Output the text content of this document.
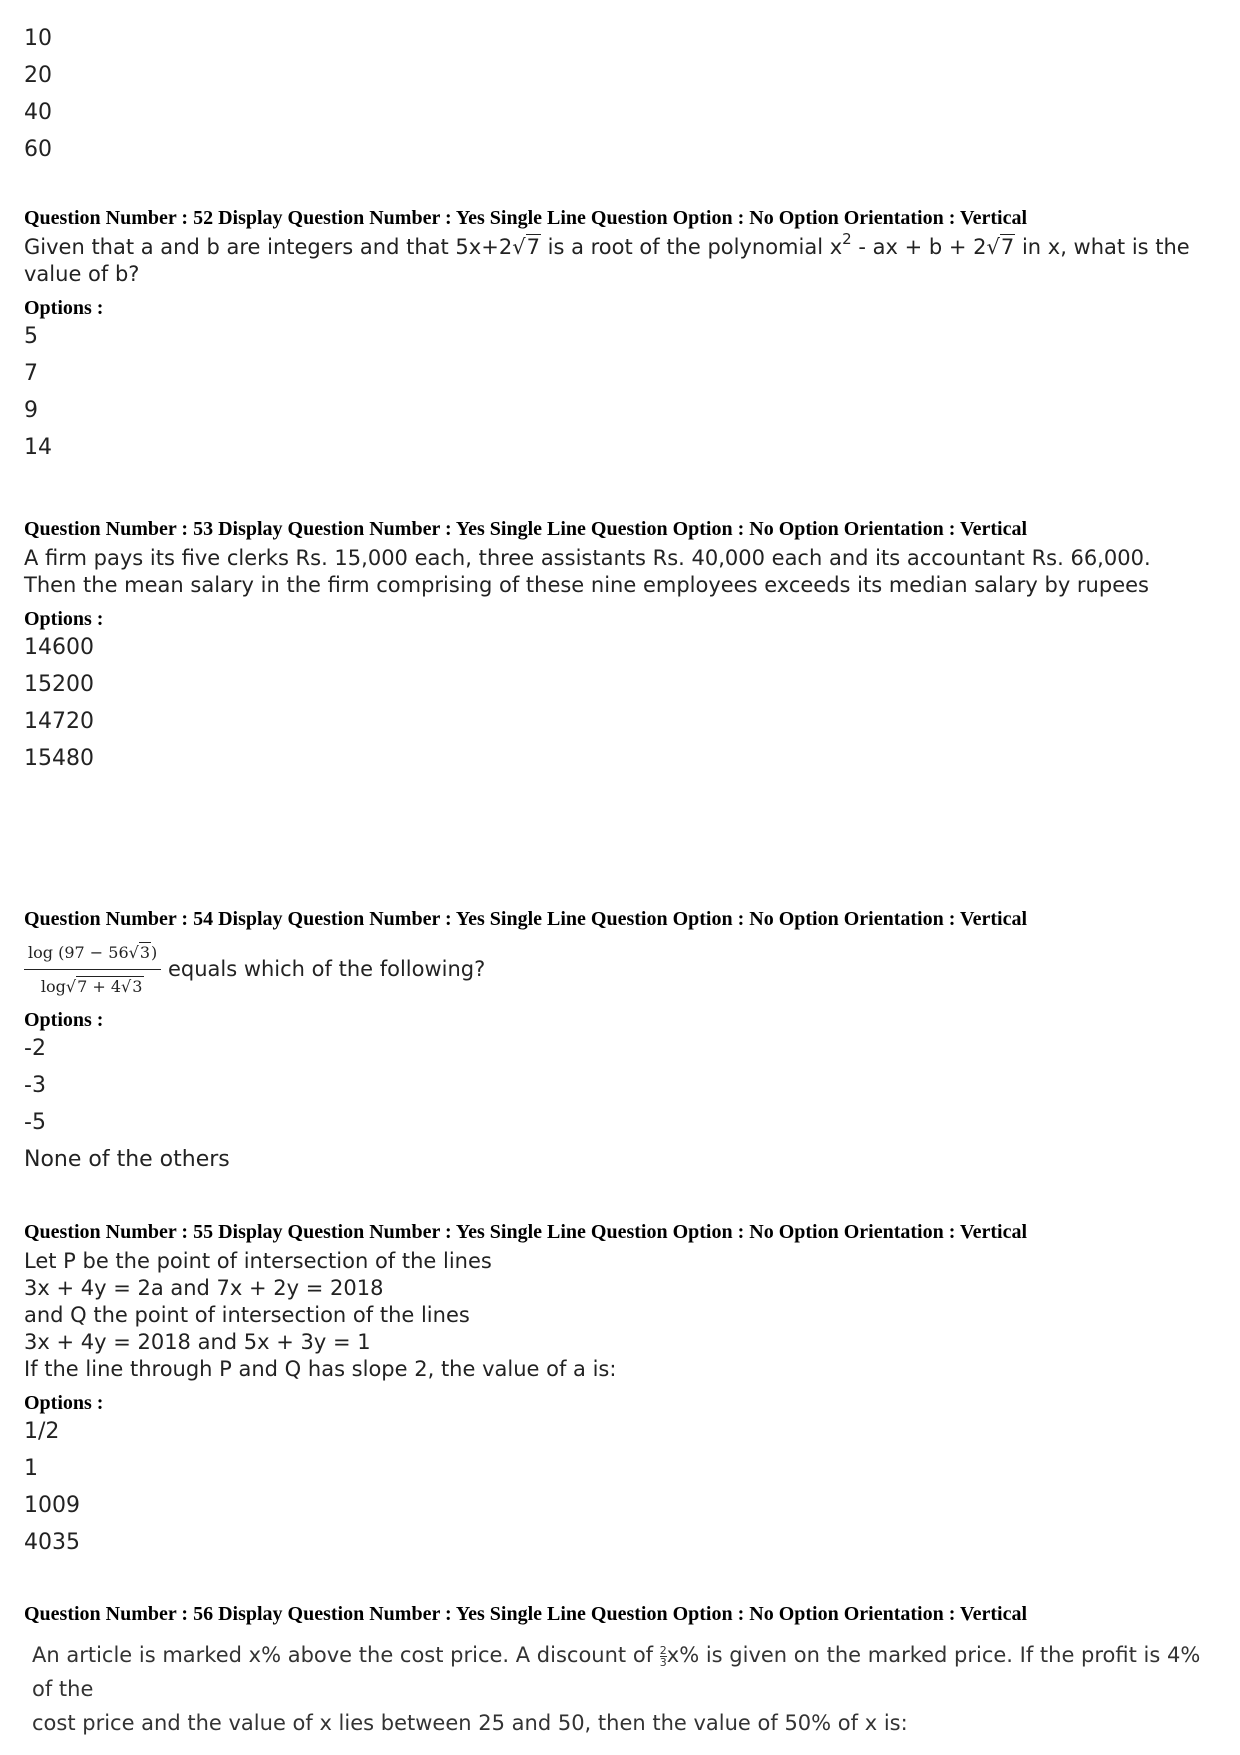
10
20
40
60
Question Number : 52 Display Question Number : Yes Single Line Question Option : No Option Orientation : Vertical
Given that a and b are integers and that 5x+2√7 is a root of the polynomial $x^2$ - ax + b + 2√7 in x, what is the value of b?
Options :
5
7
9
14
Question Number : 53 Display Question Number : Yes Single Line Question Option : No Option Orientation : Vertical
A firm pays its five clerks Rs. 15,000 each, three assistants Rs. 40,000 each and its accountant Rs. 66,000.
Then the mean salary in the firm comprising of these nine employees exceeds its median salary by rupees
Options :
14600
15200
14720
15480
Question Number : 54 Display Question Number : Yes Single Line Question Option : No Option Orientation : Vertical
$\frac{\log (97 - 56√3)}{\log√7 + 4√3}$ equals which of the following?
Options :
-2
-3
-5
None of the others
Question Number : 55 Display Question Number : Yes Single Line Question Option : No Option Orientation : Vertical
Let P be the point of intersection of the lines
3x + 4y = 2a and 7x + 2y = 2018
and Q the point of intersection of the lines
3x + 4y = 2018 and 5x + 3y = 1
If the line through P and Q has slope 2, the value of a is:
Options :
1/2
1
1009
4035
Question Number : 56 Display Question Number : Yes Single Line Question Option : No Option Orientation : Vertical
An article is marked x% above the cost price. A discount of $\frac{2}{3} x\%$ is given on the marked price. If the profit is 4% of the
cost price and the value of x lies between 25 and 50, then the value of 50% of x is:
